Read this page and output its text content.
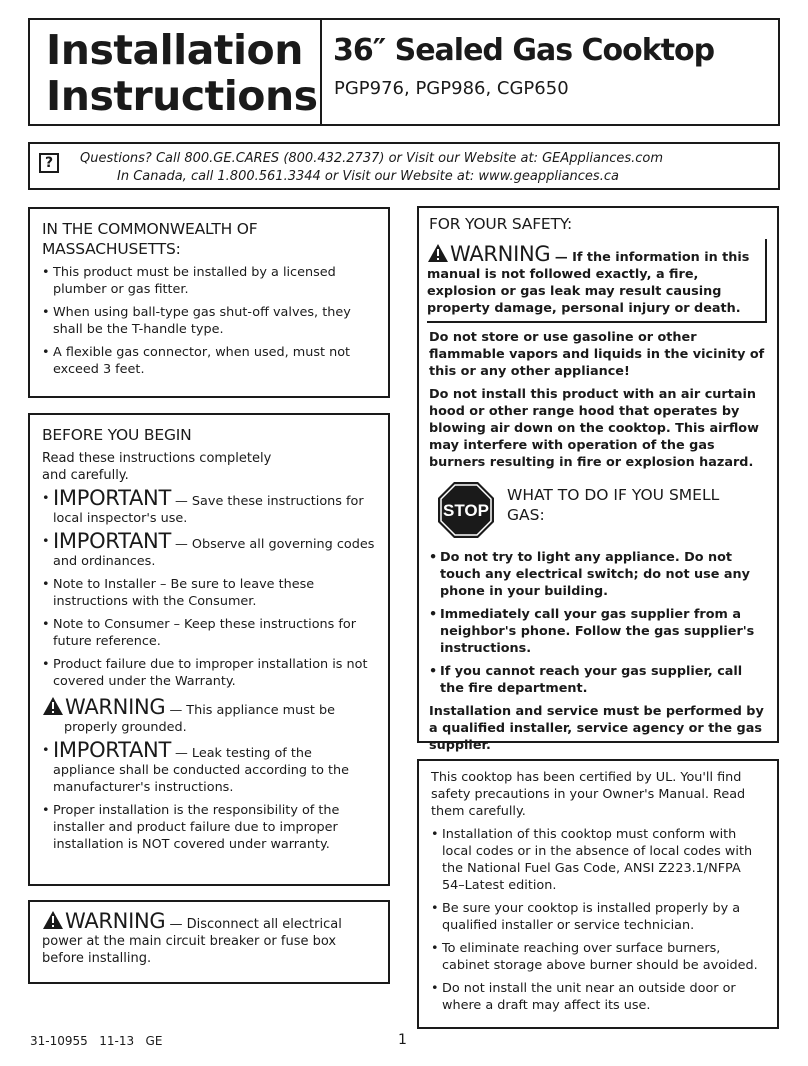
Installation
Instructions
36″ Sealed Gas Cooktop
PGP976, PGP986, CGP650
?	Questions? Call 800.GE.CARES (800.432.2737) or Visit our Website at: GEAppliances.com
In Canada, call 1.800.561.3344 or Visit our Website at: www.geappliances.ca
IN THE COMMONWEALTH OF
MASSACHUSETTS:
• This product must be installed by a licensed plumber or gas fitter.
• When using ball-type gas shut-off valves, they shall be the T-handle type.
• A flexible gas connector, when used, must not exceed 3 feet.
BEFORE YOU BEGIN
Read these instructions completely and carefully.
• IMPORTANT — Save these instructions for local inspector's use.
• IMPORTANT — Observe all governing codes and ordinances.
• Note to Installer – Be sure to leave these instructions with the Consumer.
• Note to Consumer – Keep these instructions for future reference.
• Product failure due to improper installation is not covered under the Warranty.
WARNING — This appliance must be properly grounded.
• IMPORTANT — Leak testing of the appliance shall be conducted according to the manufacturer's instructions.
• Proper installation is the responsibility of the installer and product failure due to improper installation is NOT covered under warranty.
WARNING — Disconnect all electrical power at the main circuit breaker or fuse box before installing.
FOR YOUR SAFETY:
WARNING — If the information in this manual is not followed exactly, a fire, explosion or gas leak may result causing property damage, personal injury or death.
Do not store or use gasoline or other flammable vapors and liquids in the vicinity of this or any other appliance!
Do not install this product with an air curtain hood or other range hood that operates by blowing air down on the cooktop. This airflow may interfere with operation of the gas burners resulting in fire or explosion hazard.
STOP
WHAT TO DO IF YOU SMELL GAS:
• Do not try to light any appliance. Do not touch any electrical switch; do not use any phone in your building.
• Immediately call your gas supplier from a neighbor's phone. Follow the gas supplier's instructions.
• If you cannot reach your gas supplier, call the fire department.
Installation and service must be performed by a qualified installer, service agency or the gas supplier.
This cooktop has been certified by UL. You'll find safety precautions in your Owner's Manual. Read them carefully.
• Installation of this cooktop must conform with local codes or in the absence of local codes with the National Fuel Gas Code, ANSI Z223.1/NFPA 54–Latest edition.
• Be sure your cooktop is installed properly by a qualified installer or service technician.
• To eliminate reaching over surface burners, cabinet storage above burner should be avoided.
• Do not install the unit near an outside door or where a draft may affect its use.
31-10955   11-13   GE	1
